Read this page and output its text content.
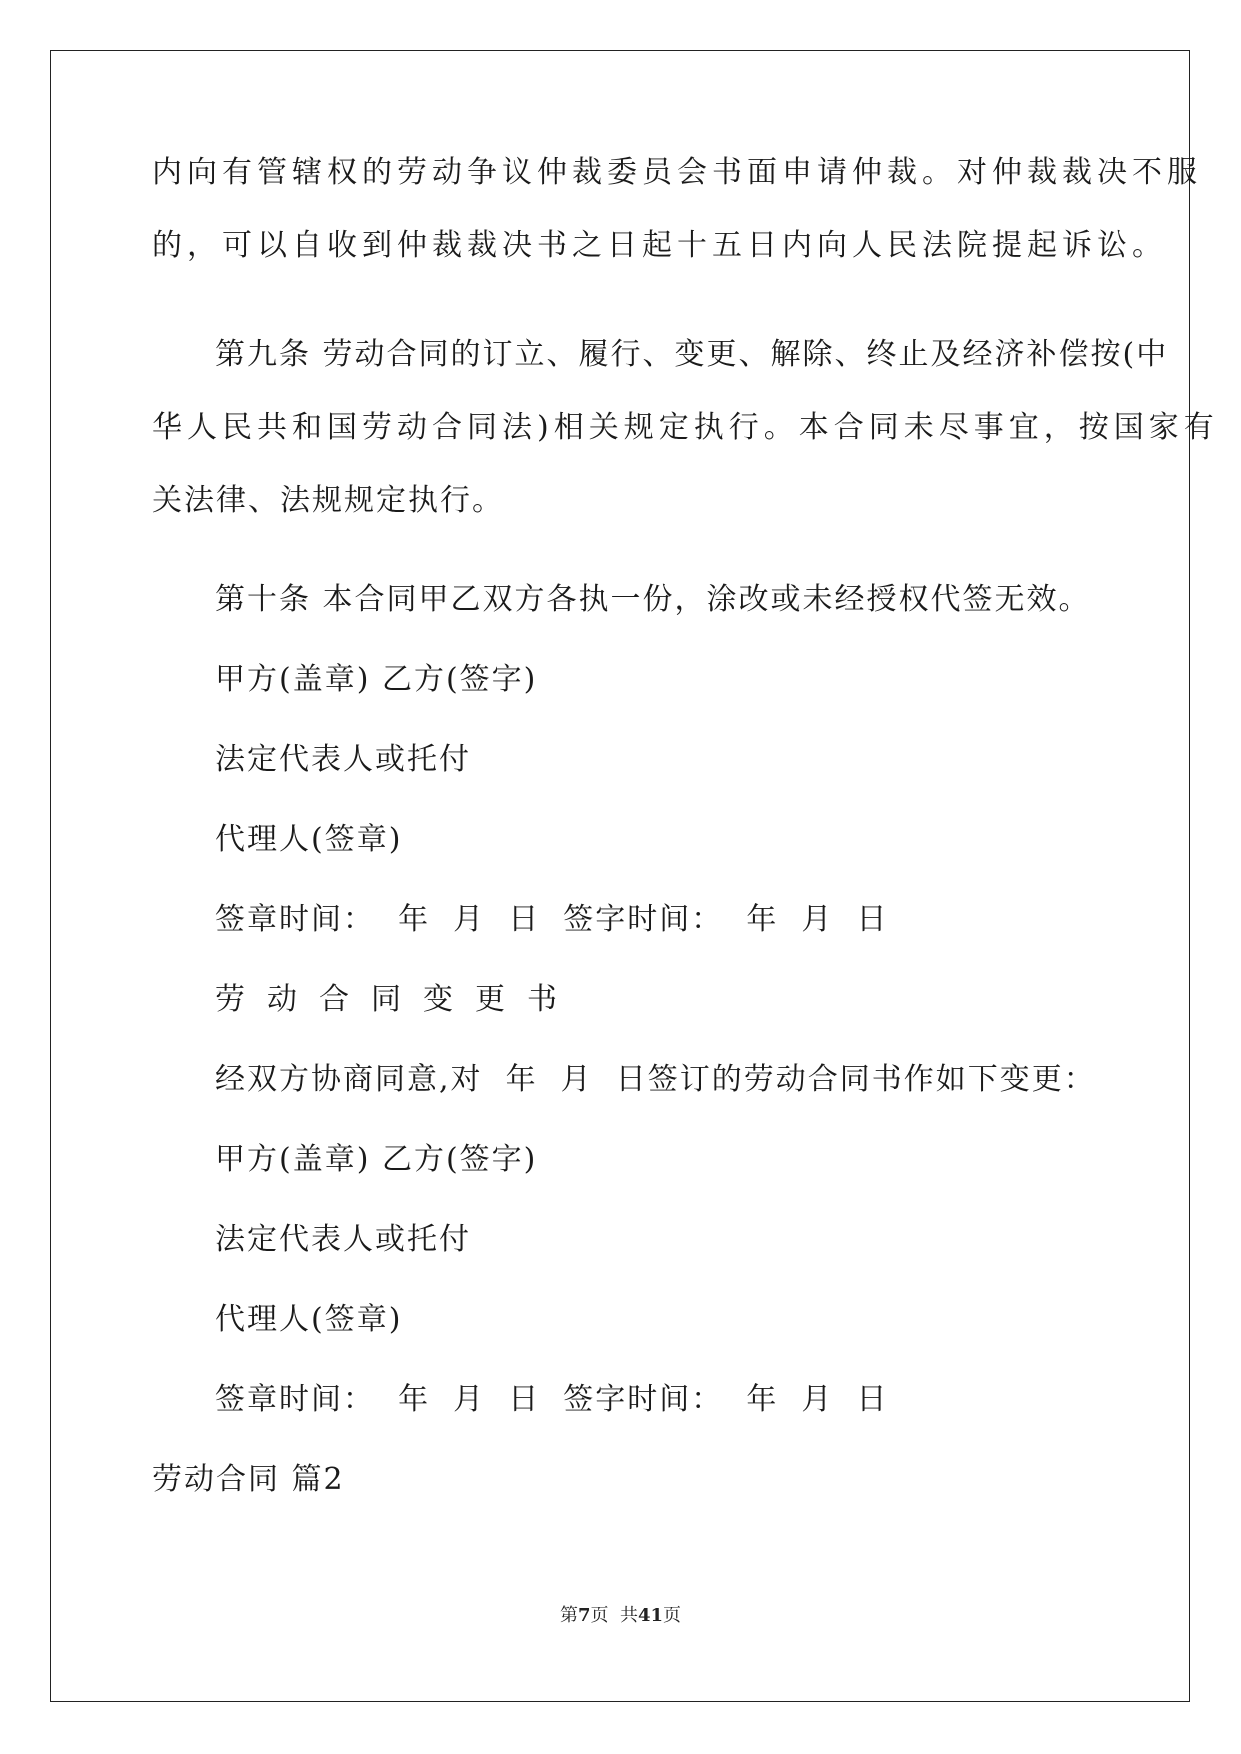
内向有管辖权的劳动争议仲裁委员会书面申请仲裁。对仲裁裁决不服
的，可以自收到仲裁裁决书之日起十五日内向人民法院提起诉讼。
第九条 劳动合同的订立、履行、变更、解除、终止及经济补偿按(中
华人民共和国劳动合同法)相关规定执行。本合同未尽事宜，按国家有
关法律、法规规定执行。
第十条 本合同甲乙双方各执一份，涂改或未经授权代签无效。
甲方(盖章) 乙方(签字)
法定代表人或托付
代理人(签章)
签章时间：  年  月  日  签字时间：  年  月  日
劳动合同变更书
经双方协商同意,对  年  月  日签订的劳动合同书作如下变更：
甲方(盖章) 乙方(签字)
法定代表人或托付
代理人(签章)
签章时间：  年  月  日  签字时间：  年  月  日
劳动合同 篇2
第7页  共41页
